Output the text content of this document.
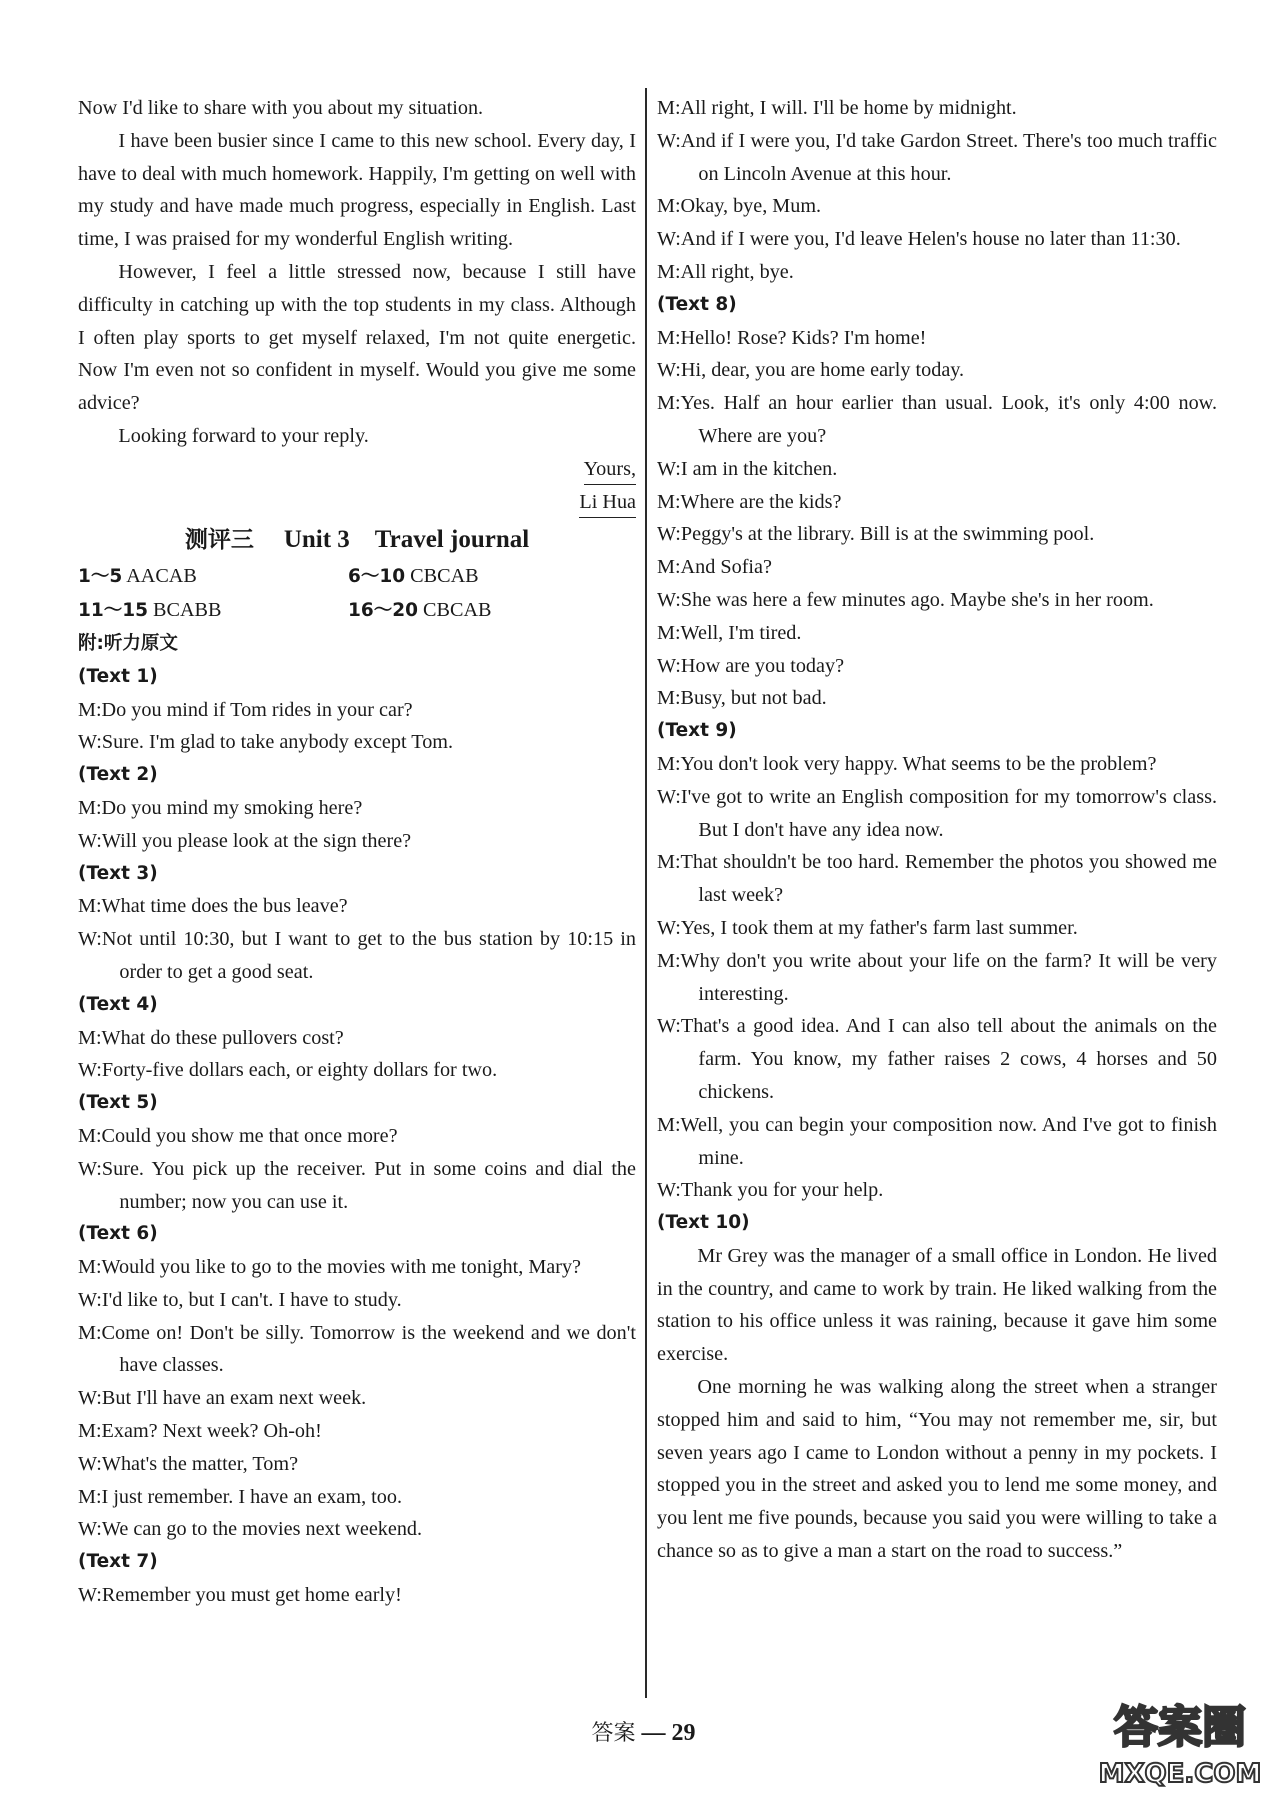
Now I'd like to share with you about my situation.

I have been busier since I came to this new school. Every day, I have to deal with much homework. Happily, I'm getting on well with my study and have made much progress, especially in English. Last time, I was praised for my wonderful English writing.

However, I feel a little stressed now, because I still have difficulty in catching up with the top students in my class. Although I often play sports to get myself relaxed, I'm not quite energetic. Now I'm even not so confident in myself. Would you give me some advice?

Looking forward to your reply.

Yours,

Li Hua

测评三 Unit 3　Travel journal
1～5 AACAB	6～10 CBCAB
11～15 BCABB	16～20 CBCAB

附:听力原文

(Text 1)

M:Do you mind if Tom rides in your car?

W:Sure. I'm glad to take anybody except Tom.

(Text 2)

M:Do you mind my smoking here?

W:Will you please look at the sign there?

(Text 3)

M:What time does the bus leave?

W:Not until 10:30, but I want to get to the bus station by 10:15 in order to get a good seat.

(Text 4)

M:What do these pullovers cost?

W:Forty-five dollars each, or eighty dollars for two.

(Text 5)

M:Could you show me that once more?

W:Sure. You pick up the receiver. Put in some coins and dial the number; now you can use it.

(Text 6)

M:Would you like to go to the movies with me tonight, Mary?

W:I'd like to, but I can't. I have to study.

M:Come on! Don't be silly. Tomorrow is the weekend and we don't have classes.

W:But I'll have an exam next week.

M:Exam? Next week? Oh-oh!

W:What's the matter, Tom?

M:I just remember. I have an exam, too.

W:We can go to the movies next weekend.

(Text 7)

W:Remember you must get home early!

M:All right, I will. I'll be home by midnight.

W:And if I were you, I'd take Gardon Street. There's too much traffic on Lincoln Avenue at this hour.

M:Okay, bye, Mum.

W:And if I were you, I'd leave Helen's house no later than 11:30.

M:All right, bye.

(Text 8)

M:Hello! Rose? Kids? I'm home!

W:Hi, dear, you are home early today.

M:Yes. Half an hour earlier than usual. Look, it's only 4:00 now. Where are you?

W:I am in the kitchen.

M:Where are the kids?

W:Peggy's at the library. Bill is at the swimming pool.

M:And Sofia?

W:She was here a few minutes ago. Maybe she's in her room.

M:Well, I'm tired.

W:How are you today?

M:Busy, but not bad.

(Text 9)

M:You don't look very happy. What seems to be the problem?

W:I've got to write an English composition for my tomorrow's class. But I don't have any idea now.

M:That shouldn't be too hard. Remember the photos you showed me last week?

W:Yes, I took them at my father's farm last summer.

M:Why don't you write about your life on the farm? It will be very interesting.

W:That's a good idea. And I can also tell about the animals on the farm. You know, my father raises 2 cows, 4 horses and 50 chickens.

M:Well, you can begin your composition now. And I've got to finish mine.

W:Thank you for your help.

(Text 10)

Mr Grey was the manager of a small office in London. He lived in the country, and came to work by train. He liked walking from the station to his office unless it was raining, because it gave him some exercise.

One morning he was walking along the street when a stranger stopped him and said to him, “You may not remember me, sir, but seven years ago I came to London without a penny in my pockets. I stopped you in the street and asked you to lend me some money, and you lent me five pounds, because you said you were willing to take a chance so as to give a man a start on the road to success.”

答案 — 29	答案圈
MXQE.COM
